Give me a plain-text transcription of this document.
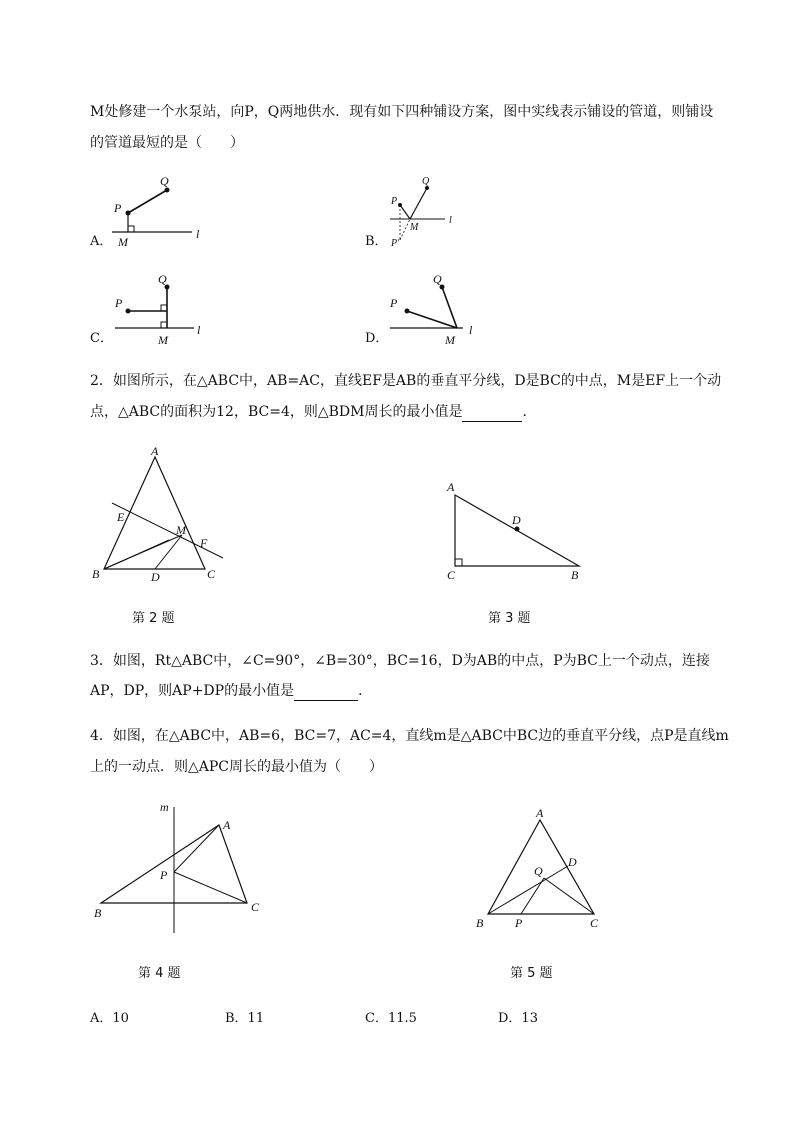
M处修建一个水泵站，向P，Q两地供水．现有如下四种铺设方案，图中实线表示铺设的管道，则铺设
的管道最短的是（　　）
A．
P
Q
M
l	B．
P
Q
M
l
P'
C．
P
Q
M
l
D．
P
Q
M
l
2．如图所示，在△ABC中，AB=AC，直线EF是AB的垂直平分线，D是BC的中点，M是EF上一个动
点，△ABC的面积为12，BC=4，则△BDM周长的最小值是	．
A
B	C
D
E
F
M
第 2 题
A
C	B
D
第 3 题
3．如图，Rt△ABC中，∠C=90°，∠B=30°，BC=16，D为AB的中点，P为BC上一个动点，连接
AP，DP，则AP+DP的最小值是	．
4．如图，在△ABC中，AB=6，BC=7，AC=4，直线m是△ABC中BC边的垂直平分线，点P是直线m
上的一动点．则△APC周长的最小值为（　　）
m
A
P
B	C
第 4 题
A
D
Q
B	P	C
第 5 题
A．10	B．11	C．11.5	D．13
